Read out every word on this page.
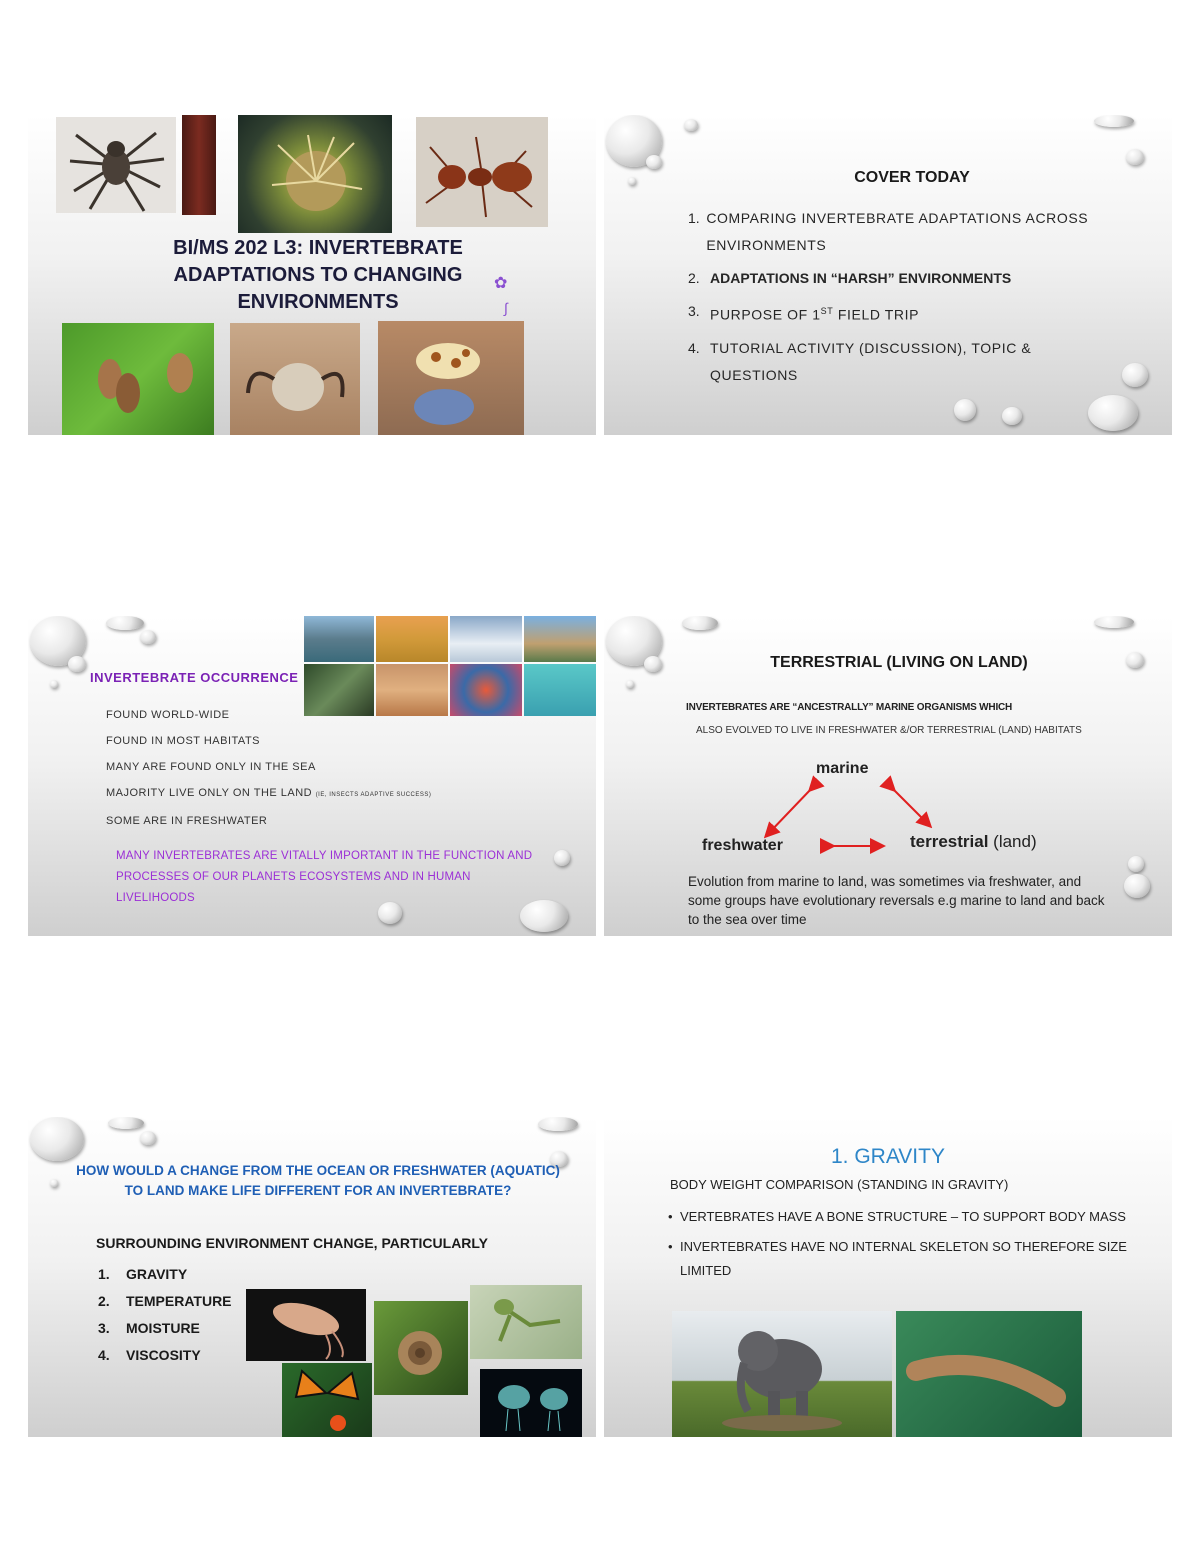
BI/MS 202 L3: INVERTEBRATE ADAPTATIONS TO CHANGING ENVIRONMENTS
✿
∫
COVER TODAY
1. COMPARING INVERTEBRATE ADAPTATIONS ACROSS ENVIRONMENTS
2. ADAPTATIONS IN “HARSH” ENVIRONMENTS
3. PURPOSE OF 1ST FIELD TRIP
4. TUTORIAL ACTIVITY (DISCUSSION), TOPIC & QUESTIONS
INVERTEBRATE OCCURRENCE
FOUND WORLD-WIDE
FOUND IN MOST HABITATS
MANY ARE FOUND ONLY IN THE SEA
MAJORITY LIVE ONLY ON THE LAND (IE, INSECTS ADAPTIVE SUCCESS)
SOME ARE IN FRESHWATER
MANY INVERTEBRATES ARE VITALLY IMPORTANT IN THE FUNCTION AND PROCESSES OF OUR PLANETS ECOSYSTEMS AND IN HUMAN LIVELIHOODS
TERRESTRIAL (LIVING ON LAND)
INVERTEBRATES ARE “ANCESTRALLY” MARINE ORGANISMS WHICH
ALSO EVOLVED TO LIVE IN FRESHWATER &/OR TERRESTRIAL (LAND) HABITATS
marine
freshwater	terrestrial (land)
Evolution from marine to land, was sometimes via freshwater, and some groups have evolutionary reversals e.g marine to land and back to the sea over time
HOW WOULD A CHANGE FROM THE OCEAN OR FRESHWATER (AQUATIC) TO LAND MAKE LIFE DIFFERENT FOR AN INVERTEBRATE?
SURROUNDING ENVIRONMENT CHANGE, PARTICULARLY
1. GRAVITY
2. TEMPERATURE
3. MOISTURE
4. VISCOSITY
1. GRAVITY
BODY WEIGHT COMPARISON (STANDING IN GRAVITY)
• VERTEBRATES HAVE A BONE STRUCTURE – TO SUPPORT BODY MASS
• INVERTEBRATES HAVE NO INTERNAL SKELETON SO THEREFORE SIZE LIMITED
